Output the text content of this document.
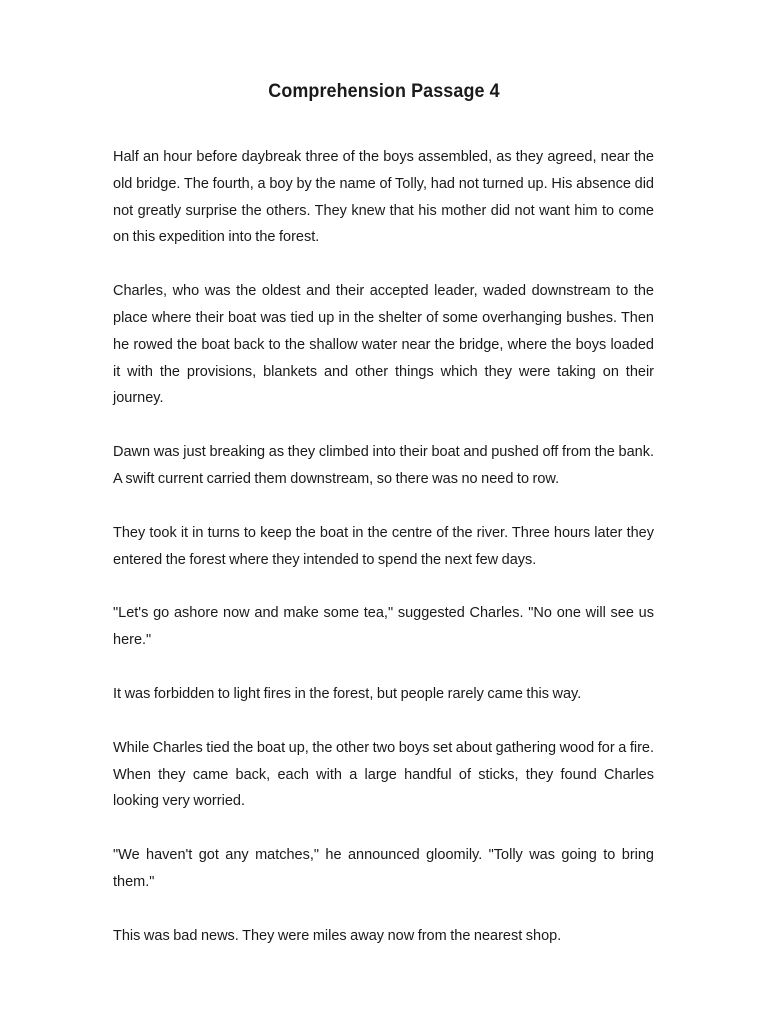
Comprehension Passage 4

Half an hour before daybreak three of the boys assembled, as they agreed, near the old bridge. The fourth, a boy by the name of Tolly, had not turned up. His absence did not greatly surprise the others. They knew that his mother did not want him to come on this expedition into the forest.

Charles, who was the oldest and their accepted leader, waded downstream to the place where their boat was tied up in the shelter of some overhanging bushes. Then he rowed the boat back to the shallow water near the bridge, where the boys loaded it with the provisions, blankets and other things which they were taking on their journey.

Dawn was just breaking as they climbed into their boat and pushed off from the bank. A swift current carried them downstream, so there was no need to row.

They took it in turns to keep the boat in the centre of the river. Three hours later they entered the forest where they intended to spend the next few days.

"Let's go ashore now and make some tea," suggested Charles. "No one will see us here."

It was forbidden to light fires in the forest, but people rarely came this way.

While Charles tied the boat up, the other two boys set about gathering wood for a fire. When they came back, each with a large handful of sticks, they found Charles looking very worried.

"We haven't got any matches," he announced gloomily. "Tolly was going to bring them."

This was bad news. They were miles away now from the nearest shop.
